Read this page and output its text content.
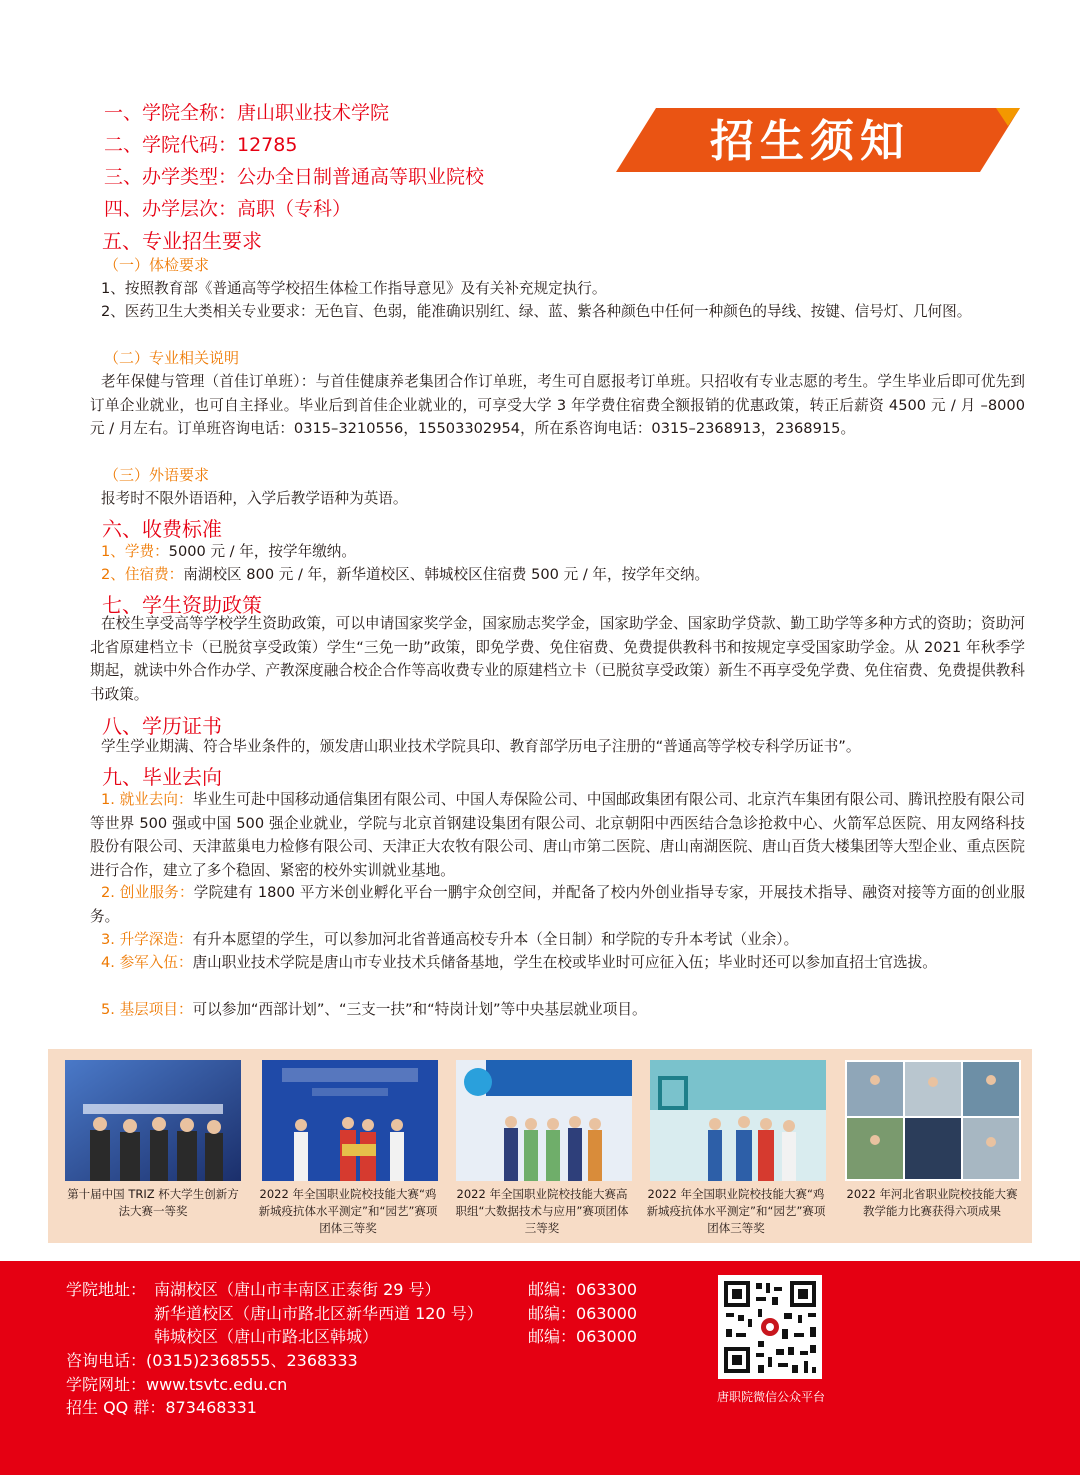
招生须知
一、学院全称：唐山职业技术学院
二、学院代码：12785
三、办学类型：公办全日制普通高等职业院校
四、办学层次：高职（专科）
五、专业招生要求
（一）体检要求
1、按照教育部《普通高等学校招生体检工作指导意见》及有关补充规定执行。
2、医药卫生大类相关专业要求：无色盲、色弱，能准确识别红、绿、蓝、紫各种颜色中任何一种颜色的导线、按键、信号灯、几何图。
（二）专业相关说明
老年保健与管理（首佳订单班）：与首佳健康养老集团合作订单班，考生可自愿报考订单班。只招收有专业志愿的考生。学生毕业后即可优先到订单企业就业，也可自主择业。毕业后到首佳企业就业的，可享受大学 3 年学费住宿费全额报销的优惠政策，转正后薪资 4500 元 / 月 –8000 元 / 月左右。订单班咨询电话：0315–3210556，15503302954，所在系咨询电话：0315–2368913，2368915。
（三）外语要求
报考时不限外语语种，入学后教学语种为英语。
六、收费标准
1、学费：5000 元 / 年，按学年缴纳。
2、住宿费：南湖校区 800 元 / 年，新华道校区、韩城校区住宿费 500 元 / 年，按学年交纳。
七、学生资助政策
在校生享受高等学校学生资助政策，可以申请国家奖学金，国家励志奖学金，国家助学金、国家助学贷款、勤工助学等多种方式的资助；资助河北省原建档立卡（已脱贫享受政策）学生“三免一助”政策，即免学费、免住宿费、免费提供教科书和按规定享受国家助学金。从 2021 年秋季学期起，就读中外合作办学、产教深度融合校企合作等高收费专业的原建档立卡（已脱贫享受政策）新生不再享受免学费、免住宿费、免费提供教科书政策。
八、学历证书
学生学业期满、符合毕业条件的，颁发唐山职业技术学院具印、教育部学历电子注册的“普通高等学校专科学历证书”。
九、毕业去向
1. 就业去向：毕业生可赴中国移动通信集团有限公司、中国人寿保险公司、中国邮政集团有限公司、北京汽车集团有限公司、腾讯控股有限公司等世界 500 强或中国 500 强企业就业，学院与北京首钢建设集团有限公司、北京朝阳中西医结合急诊抢救中心、火箭军总医院、用友网络科技股份有限公司、天津蓝巢电力检修有限公司、天津正大农牧有限公司、唐山市第二医院、唐山南湖医院、唐山百货大楼集团等大型企业、重点医院进行合作，建立了多个稳固、紧密的校外实训就业基地。
2. 创业服务：学院建有 1800 平方米创业孵化平台一鹏宇众创空间，并配备了校内外创业指导专家，开展技术指导、融资对接等方面的创业服务。
3. 升学深造：有升本愿望的学生，可以参加河北省普通高校专升本（全日制）和学院的专升本考试（业余）。
4. 参军入伍：唐山职业技术学院是唐山市专业技术兵储备基地，学生在校或毕业时可应征入伍；毕业时还可以参加直招士官选拔。
5. 基层项目：可以参加“西部计划”、“三支一扶”和“特岗计划”等中央基层就业项目。
第十届中国 TRIZ 杯大学生创新方法大赛一等奖
2022 年全国职业院校技能大赛“鸡新城疫抗体水平测定”和“园艺”赛项团体三等奖
2022 年全国职业院校技能大赛高职组“大数据技术与应用”赛项团体三等奖
2022 年全国职业院校技能大赛“鸡新城疫抗体水平测定”和“园艺”赛项团体三等奖
2022 年河北省职业院校技能大赛教学能力比赛获得六项成果
学院地址： 南湖校区（唐山市丰南区正泰街 29 号）
新华道校区（唐山市路北区新华西道 120 号）
韩城校区（唐山市路北区韩城）
邮编：063300
邮编：063000
邮编：063000
咨询电话：(0315)2368555、2368333
学院网址：www.tsvtc.edu.cn
招生 QQ 群：873468331
唐职院微信公众平台
